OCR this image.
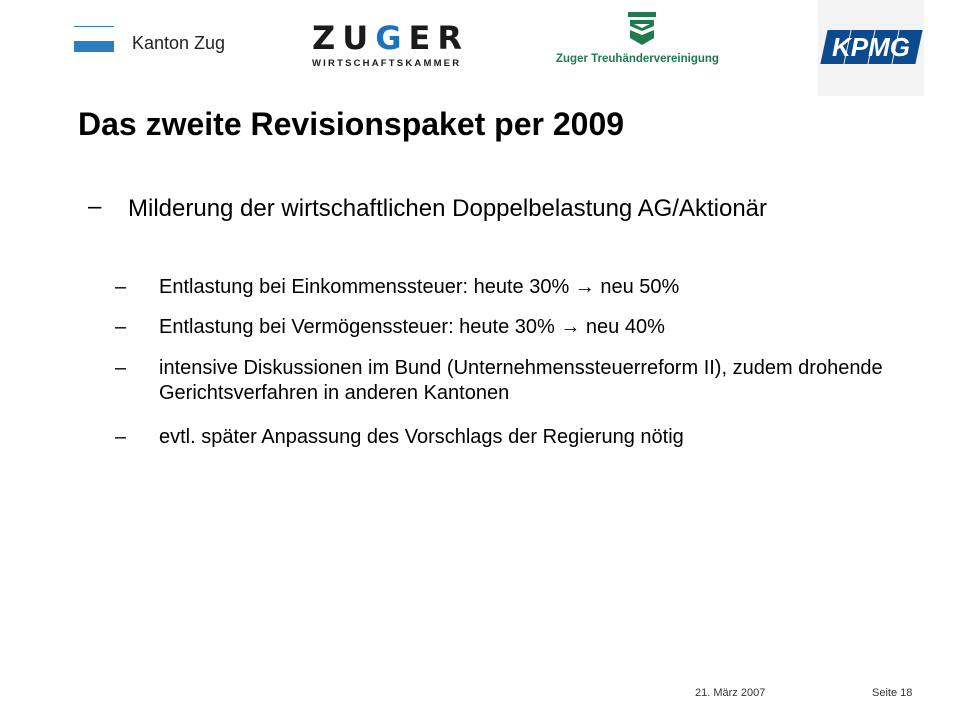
Kanton Zug	ZUGER
WIRTSCHAFTSKAMMER	Zuger Treuhändervereinigung	KPMG
Das zweite Revisionspaket per 2009
– Milderung der wirtschaftlichen Doppelbelastung AG/Aktionär
– Entlastung bei Einkommenssteuer: heute 30% → neu 50%
– Entlastung bei Vermögenssteuer: heute 30% → neu 40%
– intensive Diskussionen im Bund (Unternehmenssteuerreform II), zudem drohende Gerichtsverfahren in anderen Kantonen
– evtl. später Anpassung des Vorschlags der Regierung nötig
21. März 2007	Seite 18
